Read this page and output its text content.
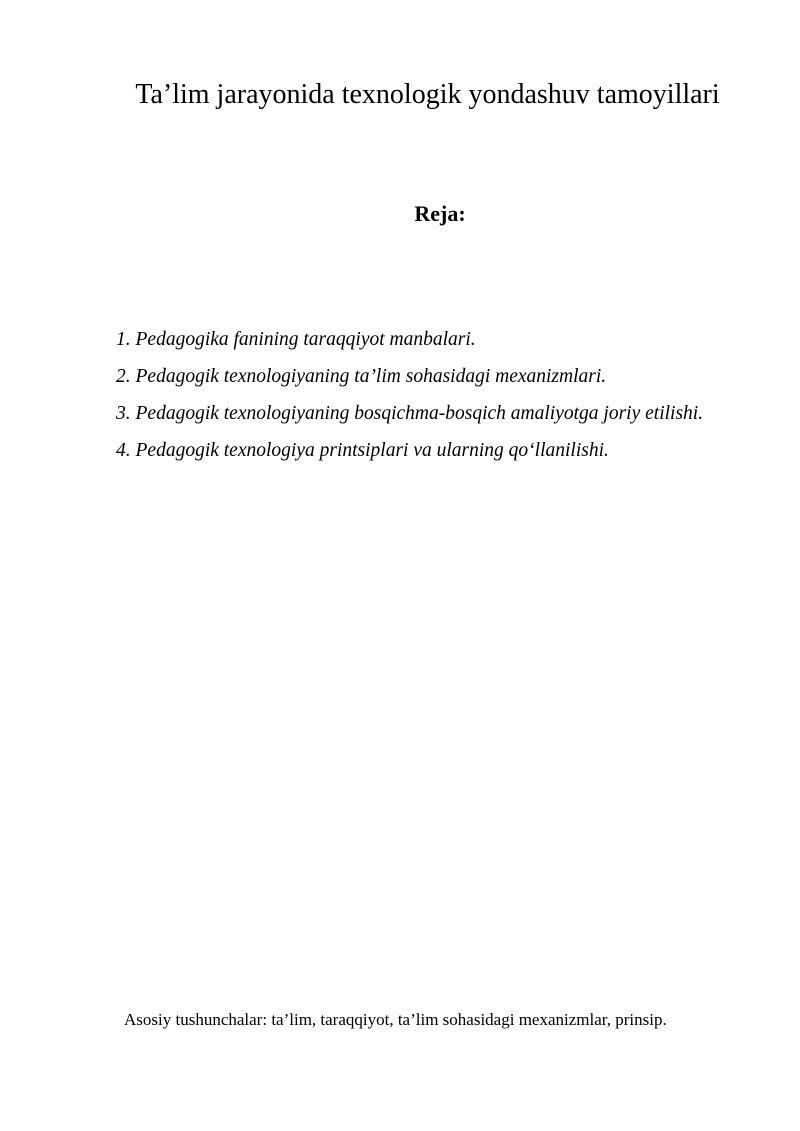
Ta’lim jarayonida texnologik yondashuv tamoyillari
Reja:
1. Pedagogika fanining taraqqiyot manbalari.
2. Pedagogik texnologiyaning ta’lim sohasidagi mexanizmlari.
3. Pedagogik texnologiyaning bosqichma-bosqich amaliyotga joriy etilishi.
4. Pedagogik texnologiya printsiplari va ularning qo‘llanilishi.
Asosiy tushunchalar: ta’lim, taraqqiyot, ta’lim sohasidagi mexanizmlar, prinsip.
